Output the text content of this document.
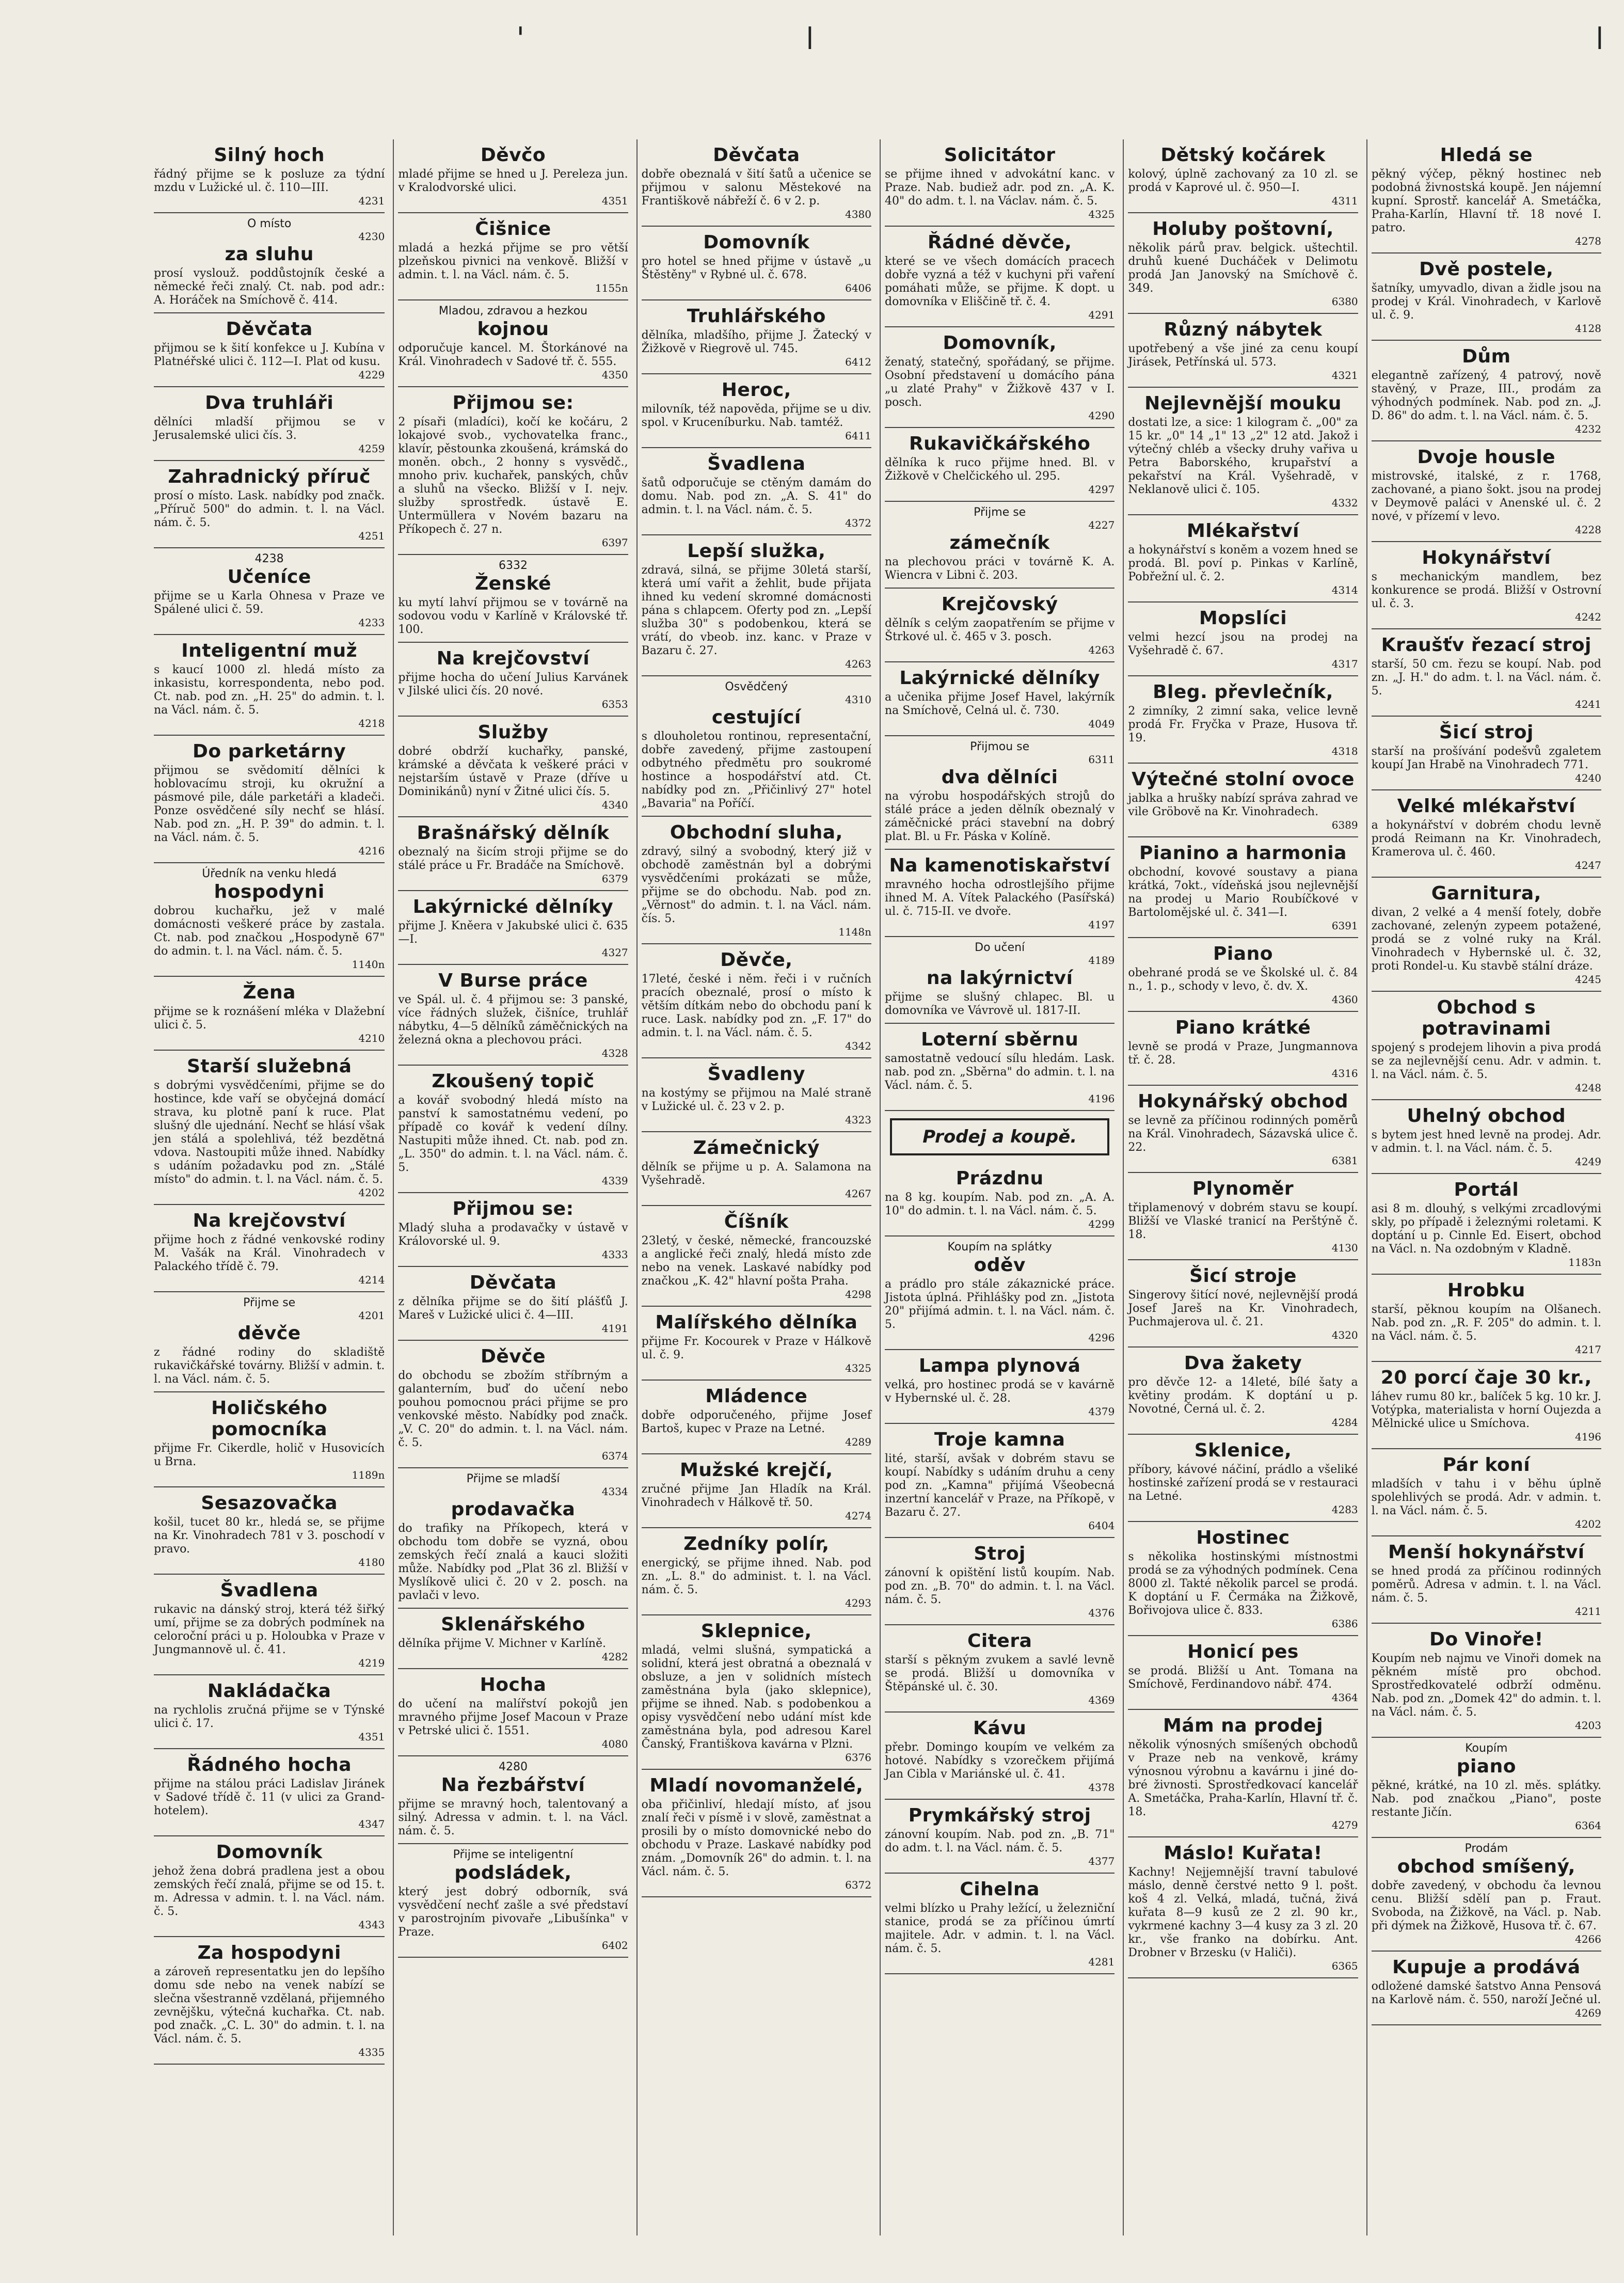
'	ǀ	ǀ
Silný hoch

řádný přijme se k posluze za týdní mzdu v Lužické ul. č. 110—III.

4231

O místo

4230

za sluhu

prosí vyslouž. poddůstojník české a německé řeči znalý. Ct. nab. pod adr.: A. Horáček na Smíchově č. 414.

Děvčata

přijmou se k šití konfekce u J. Kubína v Platnéřské ulici č. 112—I. Plat od kusu.

4229

Dva truhláři

dělníci mladší přijmou se v Jerusalemské ulici čís. 3.

4259

Zahradnický příruč

prosí o místo. Lask. nabídky pod značk. „Příruč 500" do admin. t. l. na Václ. nám. č. 5.

4251

4238

Učeníce

přijme se u Karla Ohnesa v Praze ve Spálené ulici č. 59.

4233

Inteligentní muž

s kaucí 1000 zl. hledá místo za inkasistu, korrespondenta, nebo pod. Ct. nab. pod zn. „H. 25" do admin. t. l. na Václ. nám. č. 5.

4218

Do parketárny

přijmou se svědomití dělníci k hoblovacímu stroji, ku okružní a pásmové pile, dále parketáři a kladeči. Ponze osvědčené síly nechť se hlásí. Nab. pod zn. „H. P. 39" do admin. t. l. na Václ. nám. č. 5.

4216

Úředník na venku hledá

hospodyni

dobrou kuchařku, jež v malé domácnosti veškeré práce by zastala. Ct. nab. pod značkou „Hospodyně 67" do admin. t. l. na Václ. nám. č. 5.

1140n

Žena

přijme se k roznášení mléka v Dlažební ulici č. 5.

4210

Starší služebná

s dobrými vysvědčeními, přijme se do hostince, kde vaří se obyčejná domácí strava, ku plotně paní k ruce. Plat slušný dle ujednání. Nechť se hlásí však jen stálá a spolehlivá, též bezdětná vdova. Nastoupiti může ihned. Nabídky s udáním požadavku pod zn. „Stálé místo" do admin. t. l. na Václ. nám. č. 5.

4202

Na krejčovství

přijme hoch z řádné venkovské rodiny M. Vašák na Král. Vinohradech v Palackého třídě č. 79.

4214

Přijme se

4201

děvče

z řádné rodiny do skladiště rukavičkářské továrny. Bližší v admin. t. l. na Václ. nám. č. 5.

Holičského pomocníka

přijme Fr. Cikerdle, holič v Husovicích u Brna.

1189n

Sesazovačka

košil, tucet 80 kr., hledá se, se přijme na Kr. Vinohradech 781 v 3. poschodí v pravo.

4180

Švadlena

rukavic na dánský stroj, která též šiřký umí, přijme se za dobrých podmínek na celoroční práci u p. Holoubka v Praze v Jungmannově ul. č. 41.

4219

Nakládačka

na rychlolis zručná přijme se v Týnské ulici č. 17.

4351

Řádného hocha

přijme na stálou práci Ladislav Jiránek v Sadové třídě č. 11 (v ulici za Grand-hotelem).

4347

Domovník

jehož žena dobrá pradlena jest a obou zemských řečí znalá, přijme se od 15. t. m. Adressa v admin. t. l. na Václ. nám. č. 5.

4343

Za hospodyni

a zároveň representatku jen do lepšího domu sde nebo na venek nabízí se slečna všestranně vzdělaná, přijemného zevnějšku, výtečná kuchařka. Ct. nab. pod značk. „C. L. 30" do admin. t. l. na Václ. nám. č. 5.

4335

Děvčo

mladé přijme se hned u J. Pereleza jun. v Kralodvorské ulici.

4351

Čišnice

mladá a hezká přijme se pro větší plzeňskou pivnici na venkově. Bližší v admin. t. l. na Václ. nám. č. 5.

1155n

Mladou, zdravou a hezkou

kojnou

odporučuje kancel. M. Štorkánové na Král. Vinohradech v Sadové tř. č. 555.

4350

Přijmou se:

2 písaři (mladíci), kočí ke kočáru, 2 lokajové svob., vychovatelka franc., klavír, pěstounka zkoušená, krámská do moněn. obch., 2 honny s vysvědč., mnoho priv. kuchařek, panských, chův a sluhů na všecko. Bližší v I. nejv. služby sprostředk. ústavě E. Untermüllera v Novém bazaru na Příkopech č. 27 n.

6397

6332

Ženské

ku mytí lahví přijmou se v továrně na sodovou vodu v Karlíně v Královské tř. 100.

Na krejčovství

přijme hocha do učení Julius Karvánek v Jilské ulici čís. 20 nové.

6353

Služby

dobré obdrží kuchařky, panské, krámské a děvčata k veškeré práci v nejstarším ústavě v Praze (dříve u Dominikánů) nyní v Žitné ulici čís. 5.

4340

Brašnářský dělník

obeznalý na šicím stroji přijme se do stálé práce u Fr. Bradáče na Smíchově.

6379

Lakýrnické dělníky

přijme J. Kněera v Jakubské ulici č. 635—I.

4327

V Burse práce

ve Spál. ul. č. 4 přijmou se: 3 panské, více řádných služek, čišníce, truhlář nábytku, 4—5 dělníků záměčnických na železná okna a plechovou práci.

4328

Zkoušený topič

a kovář svobodný hledá místo na panství k samostatnému vedení, po případě co kovář k vedení dílny. Nastupiti může ihned. Ct. nab. pod zn. „L. 350" do admin. t. l. na Václ. nám. č. 5.

4339

Přijmou se:

Mladý sluha a prodavačky v ústavě v Královorské ul. 9.

4333

Děvčata

z dělníka přijme se do šití plášťů J. Mareš v Lužické ulici č. 4—III.

4191

Děvče

do obchodu se zbožím stříbrným a galanterním, buď do učení nebo pouhou pomocnou práci přijme se pro venkovské město. Nabídky pod značk. „V. C. 20" do admin. t. l. na Václ. nám. č. 5.

6374

Přijme se mladší

4334

prodavačka

do trafiky na Příkopech, která v obchodu tom dobře se vyzná, obou zemských řečí znalá a kauci složiti může. Nabídky pod „Plat 36 zl. Bližší v Myslíkově ulici č. 20 v 2. posch. na pavlači v levo.

Sklenářského

dělníka přijme V. Michner v Karlíně.

4282

Hocha

do učení na malířství pokojů jen mravného přijme Josef Macoun v Praze v Petrské ulici č. 1551.

4080

4280

Na řezbářství

přijme se mravný hoch, talentovaný a silný. Adressa v admin. t. l. na Václ. nám. č. 5.

Přijme se inteligentní

podsládek,

který jest dobrý odborník, svá vysvědčení nechť zašle a své představí v parostrojním pivovaře „Libušínka" v Praze.

6402

Děvčata

dobře obeznalá v šití šatů a učenice se přijmou v salonu Městekové na Františkově nábřeží č. 6 v 2. p.

4380

Domovník

pro hotel se hned přijme v ústavě „u Štěstěny" v Rybné ul. č. 678.

6406

Truhlářského

dělníka, mladšího, přijme J. Žatecký v Žižkově v Riegrově ul. 745.

6412

Heroc,

milovník, též napověda, přijme se u div. spol. v Kruceníburku. Nab. tamtéž.

6411

Švadlena

šatů odporučuje se ctěným damám do domu. Nab. pod zn. „A. S. 41" do admin. t. l. na Václ. nám. č. 5.

4372

Lepší služka,

zdravá, silná, se přijme 30letá starší, která umí vařit a žehlit, bude přijata ihned ku vedení skromné domácnosti pána s chlapcem. Oferty pod zn. „Lepší služba 30" s podobenkou, která se vrátí, do vbeob. inz. kanc. v Praze v Bazaru č. 27.

4263

Osvědčený

4310

cestující

s dlouholetou rontinou, representační, dobře zavedený, přijme zastoupení odbytného předmětu pro soukromé hostince a hospodářství atd. Ct. nabídky pod zn. „Přičinlivý 27" hotel „Bavaria" na Poříčí.

Obchodní sluha,

zdravý, silný a svobodný, který již v obchodě zaměstnán byl a dobrými vysvědčeními prokázati se může, přijme se do obchodu. Nab. pod zn. „Věrnost" do admin. t. l. na Václ. nám. čís. 5.

1148n

Děvče,

17leté, české i něm. řeči i v ručních pracích obeznalé, prosí o místo k větším dítkám nebo do obchodu paní k ruce. Lask. nabídky pod zn. „F. 17" do admin. t. l. na Václ. nám. č. 5.

4342

Švadleny

na kostýmy se přijmou na Malé straně v Lužické ul. č. 23 v 2. p.

4323

Zámečnický

dělník se přijme u p. A. Salamona na Vyšehradě.

4267

Číšník

23letý, v české, německé, francouzské a anglické řeči znalý, hledá místo zde nebo na venek. Laskavé nabídky pod značkou „K. 42" hlavní pošta Praha.

4298

Malířského dělníka

přijme Fr. Kocourek v Praze v Hálkově ul. č. 9.

4325

Mládence

dobře odporučeného, přijme Josef Bartoš, kupec v Praze na Letné.

4289

Mužské krejčí,

zručné přijme Jan Hladík na Král. Vinohradech v Hálkově tř. 50.

4274

Zedníky polír,

energický, se přijme ihned. Nab. pod zn. „L. 8." do administ. t. l. na Václ. nám. č. 5.

4293

Sklepnice,

mladá, velmi slušná, sympatická a solidní, která jest obratná a obeznalá v obsluze, a jen v solidních místech zaměstnána byla (jako sklepnice), přijme se ihned. Nab. s podobenkou a opisy vysvědčení nebo udání míst kde zaměstnána byla, pod adresou Karel Čanský, Františkova kavárna v Plzni.

6376

Mladí novomanželé,

oba přičinliví, hledají místo, ať jsou znalí řeči v písmě i v slově, zaměstnat a prosili by o místo domovnické nebo do obchodu v Praze. Laskavé nabídky pod znám. „Domovník 26" do admin. t. l. na Václ. nám. č. 5.

6372

Solicitátor

se přijme ihned v advokátní kanc. v Praze. Nab. budiež adr. pod zn. „A. K. 40" do adm. t. l. na Václav. nám. č. 5.

4325

Řádné děvče,

které se ve všech domácích pracech dobře vyzná a též v kuchyni při vaření pomáhati může, se přijme. K dopt. u domovníka v Eliščině tř. č. 4.

4291

Domovník,

ženatý, statečný, spořádaný, se přijme. Osobní představení u domácího pána „u zlaté Prahy" v Žižkově 437 v I. posch.

4290

Rukavičkářského

dělníka k ruco přijme hned. Bl. v Žižkově v Chelčického ul. 295.

4297

Přijme se

4227

zámečník

na plechovou práci v továrně K. A. Wiencra v Libni č. 203.

Krejčovský

dělník s celým zaopatřením se přijme v Štrkové ul. č. 465 v 3. posch.

4263

Lakýrnické dělníky

a učenika přijme Josef Havel, lakýrník na Smíchově, Celná ul. č. 730.

4049

Přijmou se

6311

dva dělníci

na výrobu hospodářských strojů do stálé práce a jeden dělník obeznalý v záměčnické práci stavební na dobrý plat. Bl. u Fr. Páska v Kolíně.

Na kamenotiskařství

mravného hocha odrostlejšího přijme ihned M. A. Vítek Palackého (Pasířská) ul. č. 715-II. ve dvoře.

4197

Do učení

4189

na lakýrnictví

přijme se slušný chlapec. Bl. u domovníka ve Vávrově ul. 1817-II.

Loterní sběrnu

samostatně vedoucí sílu hledám. Lask. nab. pod zn. „Sběrna" do admin. t. l. na Václ. nám. č. 5.

4196

Prodej a koupě.
Prázdnu

na 8 kg. koupím. Nab. pod zn. „A. A. 10" do admin. t. l. na Václ. nám. č. 5.

4299

Koupím na splátky

oděv

a prádlo pro stále zákaznické práce. Jistota úplná. Přihlášky pod zn. „Jistota 20" přijímá admin. t. l. na Václ. nám. č. 5.

4296

Lampa plynová

velká, pro hostinec prodá se v kavárně v Hybernské ul. č. 28.

4379

Troje kamna

lité, starší, avšak v dobrém stavu se koupí. Nabídky s udáním druhu a ceny pod zn. „Kamna" přijímá Všeobecná inzertní kancelář v Praze, na Příkopě, v Bazaru č. 27.

6404

Stroj

zánovní k opištění listů koupím. Nab. pod zn. „B. 70" do admin. t. l. na Václ. nám. č. 5.

4376

Citera

starší s pěkným zvukem a savlé levně se prodá. Bližší u domovníka v Štěpánské ul. č. 30.

4369

Kávu

přebr. Domingo koupím ve velkém za hotové. Nabídky s vzorečkem přijímá Jan Cibla v Mariánské ul. č. 41.

4378

Prymkářský stroj

zánovní koupím. Nab. pod zn. „B. 71" do adm. t. l. na Václ. nám. č. 5.

4377

Cihelna

velmi blízko u Prahy ležící, u železniční stanice, prodá se za příčinou úmrtí majitele. Adr. v admin. t. l. na Václ. nám. č. 5.

4281

Dětský kočárek

kolový, úplně zachovaný za 10 zl. se prodá v Kaprové ul. č. 950—I.

4311

Holuby poštovní,

několik párů prav. belgick. uštechtil. druhů kuené Ducháček v Delimotu prodá Jan Janovský na Smíchově č. 349.

6380

Různý nábytek

upotřebený a vše jiné za cenu koupí Jirásek, Petřínská ul. 573.

4321

Nejlevnější mouku

dostati lze, a sice: 1 kilogram č. „00" za 15 kr. „0" 14 „1" 13 „2" 12 atd. Jakož i výtečný chléb a všecky druhy vařiva u Petra Baborského, krupařství a pekařství na Král. Vyšehradě, v Neklanově ulici č. 105.

4332

Mlékařství

a hokynářství s koněm a vozem hned se prodá. Bl. poví p. Pinkas v Karlíně, Pobřežní ul. č. 2.

4314

Mopslíci

velmi hezcí jsou na prodej na Vyšehradě č. 67.

4317

Bleg. převlečník,

2 zimníky, 2 zimní saka, velice levně prodá Fr. Fryčka v Praze, Husova tř. 19.

4318

Výtečné stolní ovoce

jablka a hrušky nabízí správa zahrad ve vile Gröbově na Kr. Vinohradech.

6389

Pianino a harmonia

obchodní, kovové soustavy a piana krátká, 7okt., vídeňská jsou nejlevnější na prodej u Mario Roubíčkové v Bartolomějské ul. č. 341—I.

6391

Piano

obehrané prodá se ve Školské ul. č. 84 n., 1. p., schody v levo, č. dv. X.

4360

Piano krátké

levně se prodá v Praze, Jungmannova tř. č. 28.

4316

Hokynářský obchod

se levně za příčinou rodinných poměrů na Král. Vinohradech, Sázavská ulice č. 22.

6381

Plynoměr

třiplamenový v dobrém stavu se koupí. Bližší ve Vlaské tranicí na Perštýně č. 18.

4130

Šicí stroje

Singerovy šitící nové, nejlevnější prodá Josef Jareš na Kr. Vinohradech, Puchmajerova ul. č. 21.

4320

Dva žakety

pro děvče 12- a 14leté, bílé šaty a květiny prodám. K doptání u p. Novotné, Černá ul. č. 2.

4284

Sklenice,

příbory, kávové náčiní, prádlo a všeliké hostinské zařízení prodá se v restauraci na Letné.

4283

Hostinec

s několika hostinskými místnostmi prodá se za výhodných podmínek. Cena 8000 zl. Takté několik parcel se prodá. K doptání u F. Čermáka na Žižkově, Bořivojova ulice č. 833.

6386

Honicí pes

se prodá. Bližší u Ant. Tomana na Smíchově, Ferdinandovo nábř. 474.

4364

Mám na prodej

několik výnosných smíšených obchodů v Praze neb na venkově, krámy výnosnou výrobnu a kavárnu i jiné do-bré živnosti. Sprostředkovací kancelář A. Smetáčka, Praha-Karlín, Hlavní tř. č. 18.

4279

Máslo! Kuřata!

Kachny! Nejjemnější travní tabulové máslo, denně čerstvé netto 9 l. pošt. koš 4 zl. Velká, mladá, tučná, živá kuřata 8—9 kusů ze 2 zl. 90 kr., vykrmené kachny 3—4 kusy za 3 zl. 20 kr., vše franko na dobírku. Ant. Drobner v Brzesku (v Haliči).

6365

Hledá se

pěkný výčep, pěkný hostinec neb podobná živnostská koupě. Jen nájemní kupní. Sprostř. kancelář A. Smetáčka, Praha-Karlín, Hlavní tř. 18 nové I. patro.

4278

Dvě postele,

šatníky, umyvadlo, divan a židle jsou na prodej v Král. Vinohradech, v Karlově ul. č. 9.

4128

Dům

elegantně zařízený, 4 patrový, nově stavěný, v Praze, III., prodám za výhodných podmínek. Nab. pod zn. „J. D. 86" do adm. t. l. na Václ. nám. č. 5.

4232

Dvoje housle

mistrovské, italské, z r. 1768, zachované, a piano šokt. jsou na prodej v Deymově paláci v Anenské ul. č. 2 nové, v přízemí v levo.

4228

Hokynářství

s mechanickým mandlem, bez konkurence se prodá. Bližší v Ostrovní ul. č. 3.

4242

Kraušťv řezací stroj

starší, 50 cm. řezu se koupí. Nab. pod zn. „J. H." do adm. t. l. na Václ. nám. č. 5.

4241

Šicí stroj

starší na prošívání podešvů zgaletem koupí Jan Hrabě na Vinohradech 771.

4240

Velké mlékařství

a hokynářství v dobrém chodu levně prodá Reimann na Kr. Vinohradech, Kramerova ul. č. 460.

4247

Garnitura,

divan, 2 velké a 4 menší fotely, dobře zachované, zelenýn zypeem potažené, prodá se z volné ruky na Král. Vinohradech v Hybernské ul. č. 32, proti Rondel-u. Ku stavbě stální dráze.

4245

Obchod s potravinami

spojený s prodejem lihovin a piva prodá se za nejlevnější cenu. Adr. v admin. t. l. na Václ. nám. č. 5.

4248

Uhelný obchod

s bytem jest hned levně na prodej. Adr. v admin. t. l. na Václ. nám. č. 5.

4249

Portál

asi 8 m. dlouhý, s velkými zrcadlovými skly, po případě i železnými roletami. K doptání u p. Cinnle Ed. Eisert, obchod na Václ. n. Na ozdobným v Kladně.

1183n

Hrobku

starší, pěknou koupím na Olšanech. Nab. pod zn. „R. F. 205" do admin. t. l. na Václ. nám. č. 5.

4217

20 porcí čaje 30 kr.,

láhev rumu 80 kr., balíček 5 kg. 10 kr. J. Votýpka, materialista v horní Oujezda a Mělnické ulice u Smíchova.

4196

Pár koní

mladších v tahu i v běhu úplně spolehlivých se prodá. Adr. v admin. t. l. na Václ. nám. č. 5.

4202

Menší hokynářství

se hned prodá za příčinou rodinných poměrů. Adresa v admin. t. l. na Václ. nám. č. 5.

4211

Do Vinoře!

Koupím neb najmu ve Vinoři domek na pěkném místě pro obchod. Sprostředkovatelé odbrží odměnu. Nab. pod zn. „Domek 42" do admin. t. l. na Václ. nám. č. 5.

4203

Koupím

piano

pěkné, krátké, na 10 zl. měs. splátky. Nab. pod značkou „Piano", poste restante Jičín.

6364

Prodám

obchod smíšený,

dobře zavedený, v obchodu ča levnou cenu. Bližší sdělí pan p. Fraut. Svoboda, na Žižkově, na Václ. p. Nab. při dýmek na Žižkově, Husova tř. č. 67.

4266

Kupuje a prodává

odložené damské šatstvo Anna Pensová na Karlově nám. č. 550, naroží Ječné ul.

4269
